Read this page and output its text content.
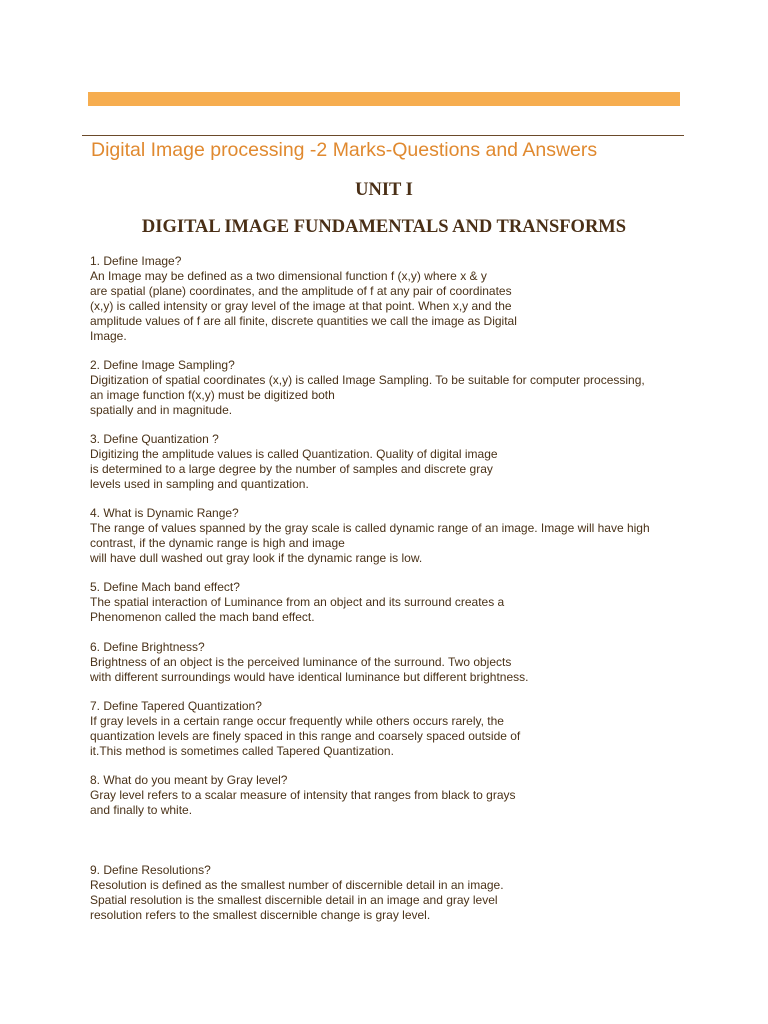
Digital Image processing -2 Marks-Questions and Answers
UNIT I
DIGITAL IMAGE FUNDAMENTALS AND TRANSFORMS
1. Define Image?
An Image may be defined as a two dimensional function f (x,y) where x & y
are spatial (plane) coordinates, and the amplitude of f at any pair of coordinates
(x,y) is called intensity or gray level of the image at that point. When x,y and the
amplitude values of f are all finite, discrete quantities we call the image as Digital
Image.
2. Define Image Sampling?
Digitization of spatial coordinates (x,y) is called Image Sampling. To be suitable for computer processing,
an image function f(x,y) must be digitized both
spatially and in magnitude.
3. Define Quantization ?
Digitizing the amplitude values is called Quantization. Quality of digital image
is determined to a large degree by the number of samples and discrete gray
levels used in sampling and quantization.
4. What is Dynamic Range?
The range of values spanned by the gray scale is called dynamic range of an image. Image will have high
contrast, if the dynamic range is high and image
will have dull washed out gray look if the dynamic range is low.
5. Define Mach band effect?
The spatial interaction of Luminance from an object and its surround creates a
Phenomenon called the mach band effect.
6. Define Brightness?
Brightness of an object is the perceived luminance of the surround. Two objects
with different surroundings would have identical luminance but different brightness.
7. Define Tapered Quantization?
If gray levels in a certain range occur frequently while others occurs rarely, the
quantization levels are finely spaced in this range and coarsely spaced outside of
it.This method is sometimes called Tapered Quantization.
8. What do you meant by Gray level?
Gray level refers to a scalar measure of intensity that ranges from black to grays
and finally to white.
9. Define Resolutions?
Resolution is defined as the smallest number of discernible detail in an image.
Spatial resolution is the smallest discernible detail in an image and gray level
resolution refers to the smallest discernible change is gray level.
